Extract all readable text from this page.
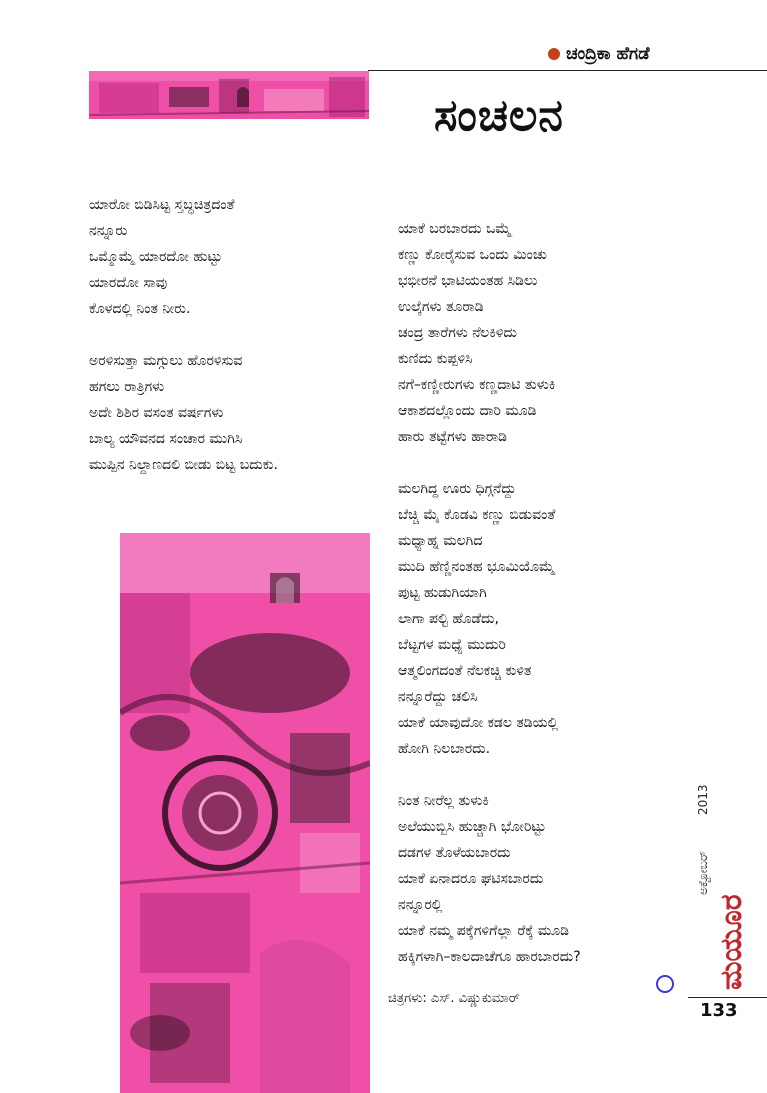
ಚಂದ್ರಿಕಾ ಹೆಗಡೆ
ಸಂಚಲನ
ಯಾರೋ ಬಿಡಿಸಿಟ್ಟ ಸ್ತಬ್ಧಚಿತ್ರದಂತೆ
ನನ್ನೂರು
ಒಮ್ಮೊಮ್ಮೆ ಯಾರದೋ ಹುಟ್ಟು
ಯಾರದೋ ಸಾವು
ಕೊಳದಲ್ಲಿ ನಿಂತ ನೀರು.
ಅರಳಿಸುತ್ತಾ ಮಗ್ಗುಲು ಹೊರಳಿಸುವ
ಹಗಲು ರಾತ್ರಿಗಳು
ಅದೇ ಶಿಶಿರ ವಸಂತ ವರ್ಷಗಳು
ಬಾಲ್ಯ ಯೌವನದ ಸಂಚಾರ ಮುಗಿಸಿ
ಮುಪ್ಪಿನ ನಿಲ್ದಾಣದಲಿ ಬೀಡು ಬಿಟ್ಟ ಬದುಕು.
ಯಾಕೆ ಬರಬಾರದು ಒಮ್ಮೆ
ಕಣ್ಣು ಕೋರೈಸುವ ಒಂದು ಮಿಂಚು
ಭಭೀರನೆ ಭಾಟಿಯಂತಹ ಸಿಡಿಲು
ಉಲ್ಕೆಗಳು ತೂರಾಡಿ
ಚಂದ್ರ ತಾರೆಗಳು ನೆಲಕಿಳಿದು
ಕುಣಿದು ಕುಪ್ಪಳಿಸಿ
ನಗೆ–ಕಣ್ಣೀರುಗಳು ಕಣ್ಣದಾಟಿ ತುಳುಕಿ
ಆಕಾಶದಲ್ಲೊಂದು ದಾರಿ ಮೂಡಿ
ಹಾರು ತಟ್ಟೆಗಳು ಹಾರಾಡಿ
ಮಲಗಿದ್ದ ಊರು ಧಿಗ್ಗನೆದ್ದು
ಬೆಚ್ಚಿ ಮೈ ಕೊಡವಿ ಕಣ್ಣು ಬಿಡುವಂತೆ
ಮಧ್ಯಾಹ್ನ ಮಲಗಿದ
ಮುದಿ ಹೆಣ್ಣಿನಂತಹ ಭೂಮಿಯೊಮ್ಮೆ
ಪುಟ್ಟ ಹುಡುಗಿಯಾಗಿ
ಲಾಗಾ ಪಲ್ಟಿ ಹೊಡೆದು,
ಬೆಟ್ಟಗಳ ಮಧ್ಯೆ ಮುದುರಿ
ಆತ್ಮಲಿಂಗದಂತೆ ನೆಲಕಚ್ಚಿ ಕುಳಿತ
ನನ್ನೂರೆದ್ದು ಚಲಿಸಿ
ಯಾಕೆ ಯಾವುದೋ ಕಡಲ ತಡಿಯಲ್ಲಿ
ಹೋಗಿ ನಿಲಬಾರದು.
ನಿಂತ ನೀರೆಲ್ಲ ತುಳುಕಿ
ಅಲೆಯುಬ್ಬಿಸಿ ಹುಚ್ಚಾಗಿ ಭೋರಿಟ್ಟು
ದಡಗಳ ತೊಳೆಯಬಾರದು
ಯಾಕೆ ಏನಾದರೂ ಘಟಿಸಬಾರದು
ನನ್ನೂರಲ್ಲಿ
ಯಾಕೆ ನಮ್ಮ ಪಕ್ಕೆಗಳಿಗೆಲ್ಲಾ ರೆಕ್ಕೆ ಮೂಡಿ
ಹಕ್ಕಿಗಳಾಗಿ–ಕಾಲದಾಚೆಗೂ ಹಾರಬಾರದು?
ಚಿತ್ರಗಳು: ಎಸ್. ವಿಷ್ಣುಕುಮಾರ್
ಮಯೂರ
ಅಕ್ಟೋಬರ್
2013
133
